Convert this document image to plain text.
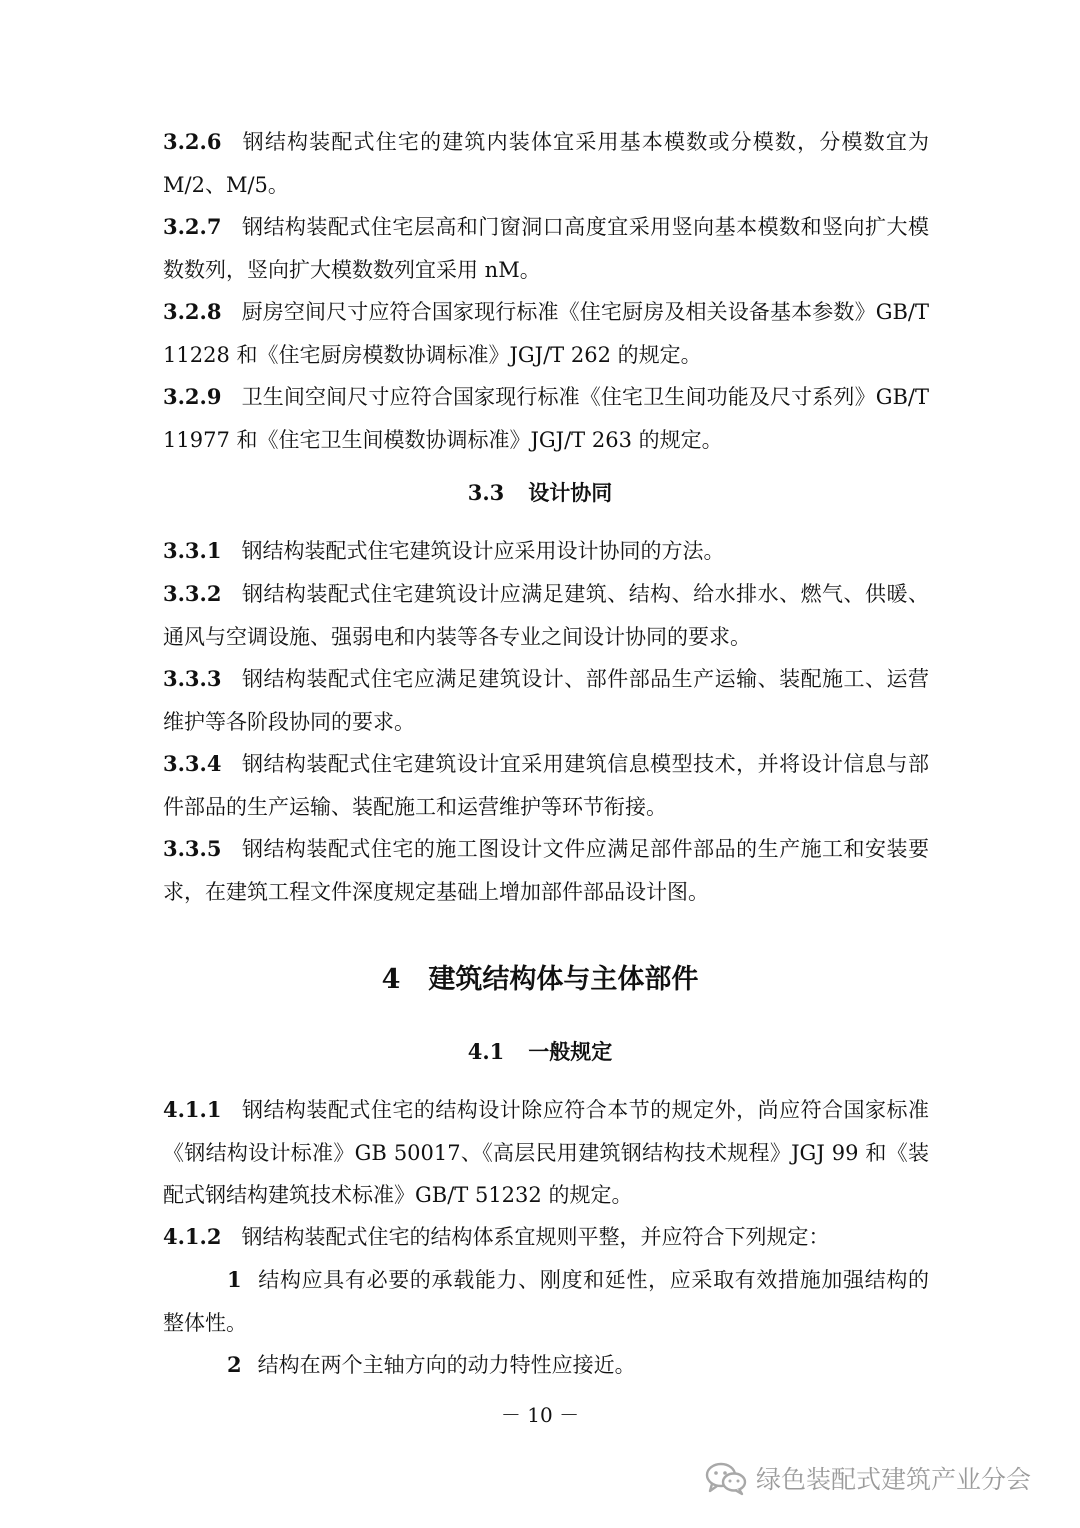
3.2.6 钢结构装配式住宅的建筑内装体宜采用基本模数或分模数，分模数宜为M/2、M/5。
3.2.7 钢结构装配式住宅层高和门窗洞口高度宜采用竖向基本模数和竖向扩大模数数列，竖向扩大模数数列宜采用 nM。
3.2.8 厨房空间尺寸应符合国家现行标准《住宅厨房及相关设备基本参数》GB/T 11228 和《住宅厨房模数协调标准》JGJ/T 262 的规定。
3.2.9 卫生间空间尺寸应符合国家现行标准《住宅卫生间功能及尺寸系列》GB/T 11977 和《住宅卫生间模数协调标准》JGJ/T 263 的规定。
3.3 设计协同
3.3.1 钢结构装配式住宅建筑设计应采用设计协同的方法。
3.3.2 钢结构装配式住宅建筑设计应满足建筑、结构、给水排水、燃气、供暖、通风与空调设施、强弱电和内装等各专业之间设计协同的要求。
3.3.3 钢结构装配式住宅应满足建筑设计、部件部品生产运输、装配施工、运营维护等各阶段协同的要求。
3.3.4 钢结构装配式住宅建筑设计宜采用建筑信息模型技术，并将设计信息与部件部品的生产运输、装配施工和运营维护等环节衔接。
3.3.5 钢结构装配式住宅的施工图设计文件应满足部件部品的生产施工和安装要求，在建筑工程文件深度规定基础上增加部件部品设计图。
4 建筑结构体与主体部件
4.1 一般规定
4.1.1 钢结构装配式住宅的结构设计除应符合本节的规定外，尚应符合国家标准《钢结构设计标准》GB 50017、《高层民用建筑钢结构技术规程》JGJ 99 和《装配式钢结构建筑技术标准》GB/T 51232 的规定。
4.1.2 钢结构装配式住宅的结构体系宜规则平整，并应符合下列规定：
1 结构应具有必要的承载能力、刚度和延性，应采取有效措施加强结构的整体性。
2 结构在两个主轴方向的动力特性应接近。
－ 10 －
绿色装配式建筑产业分会
